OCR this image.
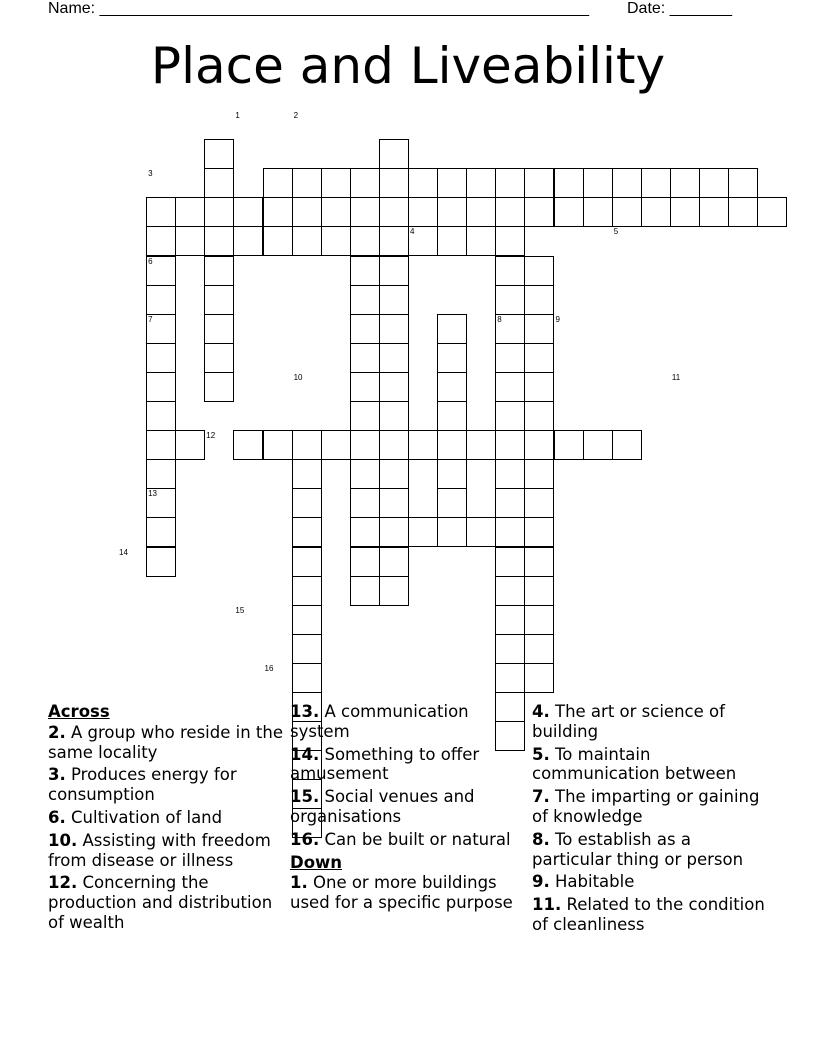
Name: _______________________________________________________ Date: _______
Place and Liveability
1	2
3
4	5
6
7	8	9
10	11
12
13
14
15
16
Across
2. A group who reside in the same locality
3. Produces energy for consumption
6. Cultivation of land
10. Assisting with freedom from disease or illness
12. Concerning the production and distribution of wealth
13. A communication system
14. Something to offer amusement
15. Social venues and organisations
16. Can be built or natural
Down
1. One or more buildings used for a specific purpose
4. The art or science of building
5. To maintain communication between
7. The imparting or gaining of knowledge
8. To establish as a particular thing or person
9. Habitable
11. Related to the condition of cleanliness
